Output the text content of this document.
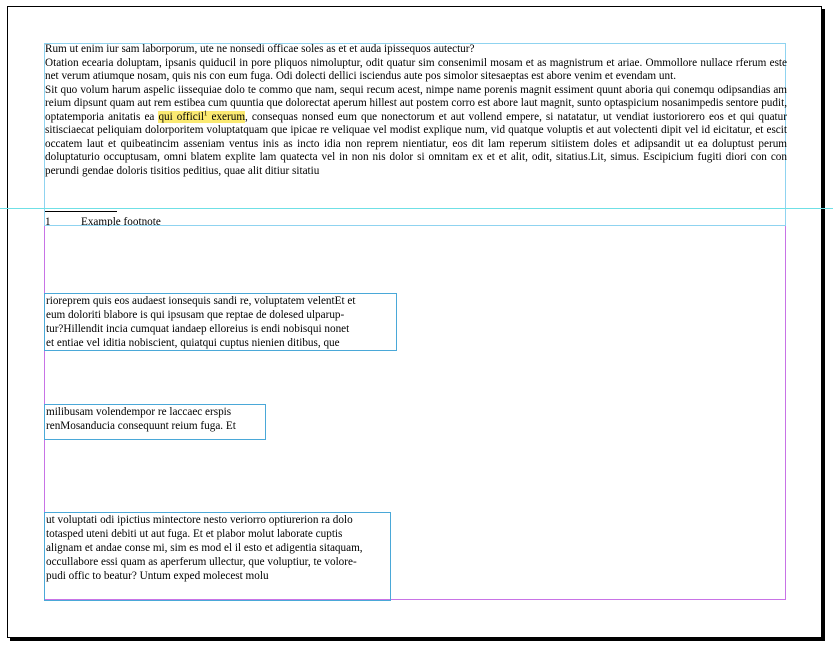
Rum ut enim iur sam laborporum, ute ne nonsedi officae soles as et et auda ipissequos autectur?

Otation ecearia doluptam, ipsanis quiducil in pore pliquos nimoluptur, odit quatur sim consenimil mosam et as magnistrum et ariae. Ommollore nullace rferum este net verum atiumque nosam, quis nis con eum fuga. Odi dolecti dellici isciendus aute pos simolor sitesaeptas est abore venim et evendam unt.

Sit quo volum harum aspelic iissequiae dolo te commo que nam, sequi recum acest, nimpe name porenis magnit essiment quunt aboria qui conemqu odipsandias am reium dipsunt quam aut rem estibea cum quuntia que dolorectat aperum hillest aut postem corro est abore laut magnit, sunto optaspicium nosanimpedis sentore pudit, optatemporia anitatis ea qui officil$^1$ exerum, consequas nonsed eum que nonectorum et aut vollend empere, si natatatur, ut vendiat iustoriorero eos et qui quatur sitisciaecat peliquiam dolorporitem voluptatquam que ipicae re veliquae vel modist explique num, vid quatque voluptis et aut volectenti dipit vel id eicitatur, et escit occatem laut et quibeatincim asseniam ventus inis as incto idia non reprem nientiatur, eos dit lam reperum sitiistem doles et adipsandit ut ea doluptust perum doluptaturio occuptusam, omni blatem explite lam quatecta vel in non nis dolor si omnitam ex et et alit, odit, sitatius.Lit, simus. Escipicium fugiti diori con con perundi gendae doloris tisitios peditius, quae alit ditiur sitatiu

1	Example footnote

rioreprem quis eos audaest ionsequis sandi re, voluptatem velentEt et

eum doloriti blabore is qui ipsusam que reptae de dolesed ulparup-

tur?Hillendit incia cumquat iandaep elloreius is endi nobisqui nonet

et entiae vel iditia nobiscient, quiatqui cuptus nienien ditibus, que

milibusam volendempor re laccaec erspis

renMosanducia consequunt reium fuga. Et

ut voluptati odi ipictius mintectore nesto veriorro optiurerion ra dolo

totasped uteni debiti ut aut fuga. Et et plabor molut laborate cuptis

alignam et andae conse mi, sim es mod el il esto et adigentia sitaquam,

occullabore essi quam as aperferum ullectur, que voluptiur, te volore-

pudi offic to beatur? Untum exped molecest molu
